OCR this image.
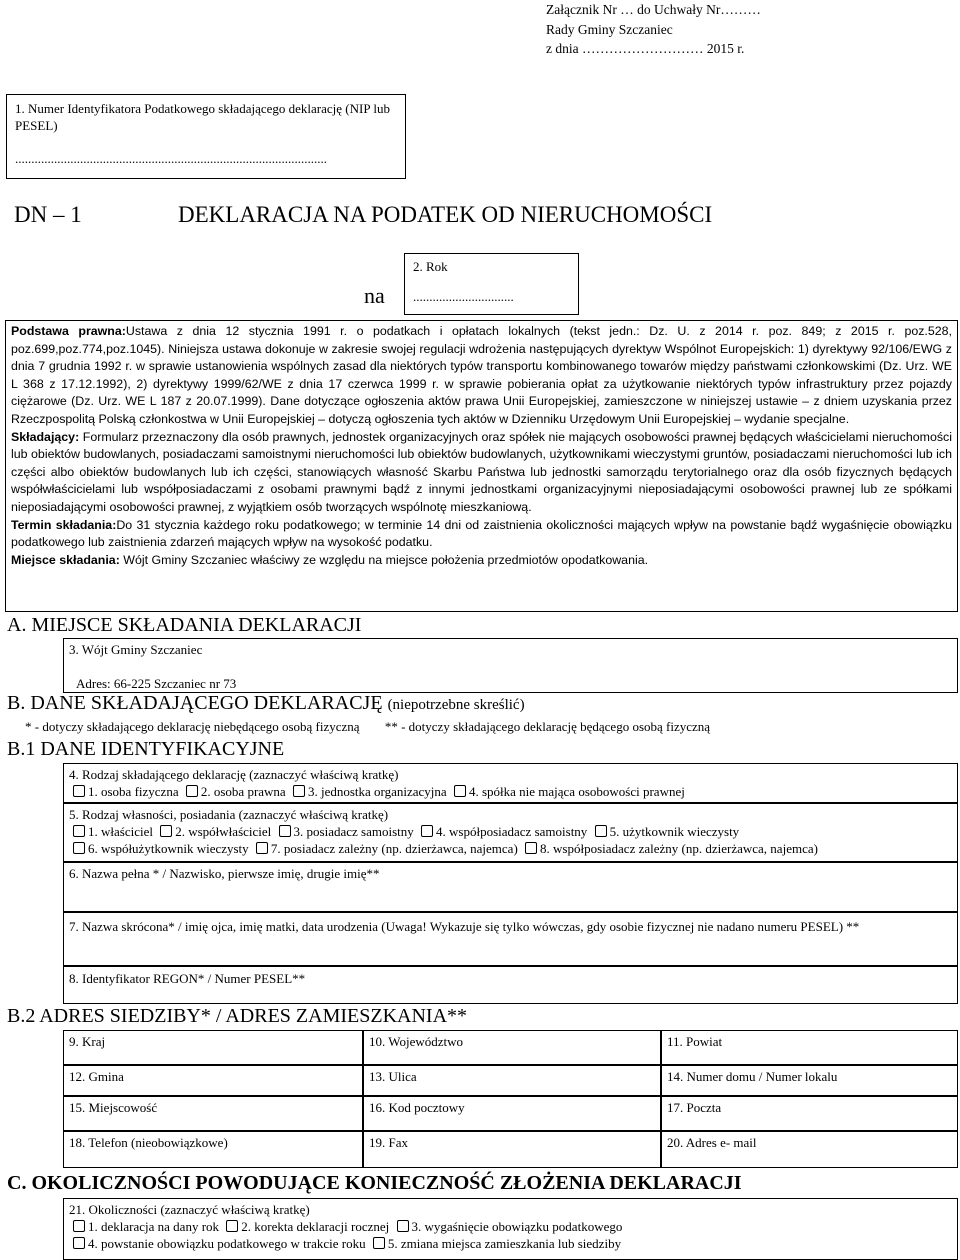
Załącznik Nr … do Uchwały Nr………
Rady Gminy Szczaniec
z dnia ……………………… 2015 r.
1. Numer Identyfikatora Podatkowego składającego deklarację (NIP lub PESEL)
................................................................................................
DN – 1	DEKLARACJA NA PODATEK OD NIERUCHOMOŚCI
na
2. Rok
...............................

Podstawa prawna:Ustawa z dnia 12 stycznia 1991 r. o podatkach i opłatach lokalnych (tekst jedn.: Dz. U. z 2014 r. poz. 849; z 2015 r. poz.528, poz.699,poz.774,poz.1045). Niniejsza ustawa dokonuje w zakresie swojej regulacji wdrożenia następujących dyrektyw Wspólnot Europejskich: 1) dyrektywy 92/106/EWG z dnia 7 grudnia 1992 r. w sprawie ustanowienia wspólnych zasad dla niektórych typów transportu kombinowanego towarów między państwami członkowskimi (Dz. Urz. WE L 368 z 17.12.1992), 2) dyrektywy 1999/62/WE z dnia 17 czerwca 1999 r. w sprawie pobierania opłat za użytkowanie niektórych typów infrastruktury przez pojazdy ciężarowe (Dz. Urz. WE L 187 z 20.07.1999). Dane dotyczące ogłoszenia aktów prawa Unii Europejskiej, zamieszczone w niniejszej ustawie – z dniem uzyskania przez Rzeczpospolitą Polską członkostwa w Unii Europejskiej – dotyczą ogłoszenia tych aktów w Dzienniku Urzędowym Unii Europejskiej – wydanie specjalne.

Składający: Formularz przeznaczony dla osób prawnych, jednostek organizacyjnych oraz spółek nie mających osobowości prawnej będących właścicielami nieruchomości lub obiektów budowlanych, posiadaczami samoistnymi nieruchomości lub obiektów budowlanych, użytkownikami wieczystymi gruntów, posiadaczami nieruchomości lub ich części albo obiektów budowlanych lub ich części, stanowiących własność Skarbu Państwa lub jednostki samorządu terytorialnego oraz dla osób fizycznych będących współwłaścicielami lub współposiadaczami z osobami prawnymi bądź z innymi jednostkami organizacyjnymi nieposiadającymi osobowości prawnej lub ze spółkami nieposiadającymi osobowości prawnej, z wyjątkiem osób tworzących wspólnotę mieszkaniową.

Termin składania:Do 31 stycznia każdego roku podatkowego; w terminie 14 dni od zaistnienia okoliczności mających wpływ na powstanie bądź wygaśnięcie obowiązku podatkowego lub zaistnienia zdarzeń mających wpływ na wysokość podatku.

Miejsce składania: Wójt Gminy Szczaniec właściwy ze względu na miejsce położenia przedmiotów opodatkowania.

A. MIEJSCE SKŁADANIA DEKLARACJI
3. Wójt Gminy Szczaniec
Adres: 66-225 Szczaniec nr 73
B. DANE SKŁADAJĄCEGO DEKLARACJĘ (niepotrzebne skreślić)
* - dotyczy składającego deklarację niebędącego osobą fizyczną ** - dotyczy składającego deklarację będącego osobą fizyczną
B.1 DANE IDENTYFIKACYJNE
4. Rodzaj składającego deklarację (zaznaczyć właściwą kratkę)
1. osoba fizyczna 2. osoba prawna 3. jednostka organizacyjna 4. spółka nie mająca osobowości prawnej
5. Rodzaj własności, posiadania (zaznaczyć właściwą kratkę)
1. właściciel 2. współwłaściciel 3. posiadacz samoistny 4. współposiadacz samoistny 5. użytkownik wieczysty
6. współużytkownik wieczysty 7. posiadacz zależny (np. dzierżawca, najemca) 8. współposiadacz zależny (np. dzierżawca, najemca)
6. Nazwa pełna * / Nazwisko, pierwsze imię, drugie imię**
7. Nazwa skrócona* / imię ojca, imię matki, data urodzenia (Uwaga! Wykazuje się tylko wówczas, gdy osobie fizycznej nie nadano numeru PESEL) **
8. Identyfikator REGON* / Numer PESEL**
B.2 ADRES SIEDZIBY* / ADRES ZAMIESZKANIA**
9. Kraj	10. Województwo	11. Powiat
12. Gmina	13. Ulica	14. Numer domu / Numer lokalu
15. Miejscowość	16. Kod pocztowy	17. Poczta
18. Telefon (nieobowiązkowe)	19. Fax	20. Adres e- mail
C. OKOLICZNOŚCI POWODUJĄCE KONIECZNOŚĆ ZŁOŻENIA DEKLARACJI
21. Okoliczności (zaznaczyć właściwą kratkę)
1. deklaracja na dany rok 2. korekta deklaracji rocznej 3. wygaśnięcie obowiązku podatkowego
4. powstanie obowiązku podatkowego w trakcie roku 5. zmiana miejsca zamieszkania lub siedziby
